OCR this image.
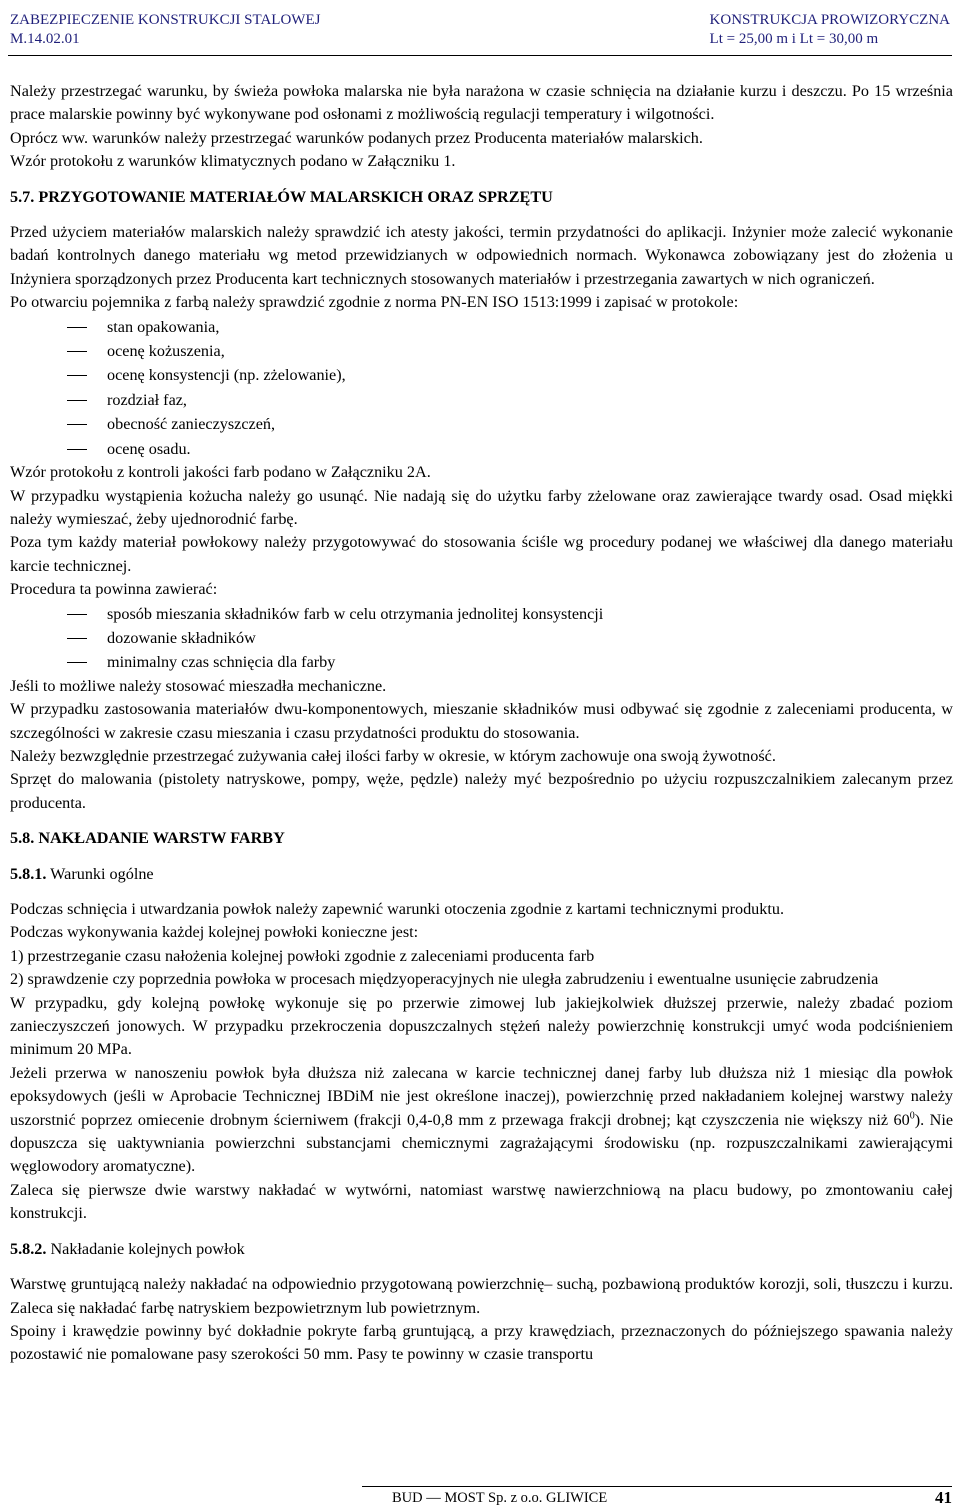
ZABEZPIECZENIE KONSTRUKCJI STALOWEJ
M.14.02.01
KONSTRUKCJA PROWIZORYCZNA
Lt = 25,00 m i Lt = 30,00 m

Należy przestrzegać warunku, by świeża powłoka malarska nie była narażona w czasie schnięcia na działanie kurzu i deszczu. Po 15 września prace malarskie powinny być wykonywane pod osłonami z możliwością regulacji temperatury i wilgotności.

Oprócz ww. warunków należy przestrzegać warunków podanych przez Producenta materiałów malarskich.

Wzór protokołu z warunków klimatycznych podano w Załączniku 1.

5.7. PRZYGOTOWANIE MATERIAŁÓW MALARSKICH ORAZ SPRZĘTU

Przed użyciem materiałów malarskich należy sprawdzić ich atesty jakości, termin przydatności do aplikacji. Inżynier może zalecić wykonanie badań kontrolnych danego materiału wg metod przewidzianych w odpowiednich normach. Wykonawca zobowiązany jest do złożenia u Inżyniera sporządzonych przez Producenta kart technicznych stosowanych materiałów i przestrzegania zawartych w nich ograniczeń.

Po otwarciu pojemnika z farbą należy sprawdzić zgodnie z norma PN-EN ISO 1513:1999 i zapisać w protokole:

stan opakowania,
ocenę kożuszenia,
ocenę konsystencji (np. zżelowanie),
rozdział faz,
obecność zanieczyszczeń,
ocenę osadu.

Wzór protokołu z kontroli jakości farb podano w Załączniku 2A.

W przypadku wystąpienia kożucha należy go usunąć. Nie nadają się do użytku farby zżelowane oraz zawierające twardy osad. Osad miękki należy wymieszać, żeby ujednorodnić farbę.

Poza tym każdy materiał powłokowy należy przygotowywać do stosowania ściśle wg procedury podanej we właściwej dla danego materiału karcie technicznej.

Procedura ta powinna zawierać:

sposób mieszania składników farb w celu otrzymania jednolitej konsystencji
dozowanie składników
minimalny czas schnięcia dla farby

Jeśli to możliwe należy stosować mieszadła mechaniczne.

W przypadku zastosowania materiałów dwu-komponentowych, mieszanie składników musi odbywać się zgodnie z zaleceniami producenta, w szczególności w zakresie czasu mieszania i czasu przydatności produktu do stosowania.

Należy bezwzględnie przestrzegać zużywania całej ilości farby w okresie, w którym zachowuje ona swoją żywotność.

Sprzęt do malowania (pistolety natryskowe, pompy, węże, pędzle) należy myć bezpośrednio po użyciu rozpuszczalnikiem zalecanym przez producenta.

5.8. NAKŁADANIE WARSTW FARBY
5.8.1. Warunki ogólne

Podczas schnięcia i utwardzania powłok należy zapewnić warunki otoczenia zgodnie z kartami technicznymi produktu.

Podczas wykonywania każdej kolejnej powłoki konieczne jest:

1) przestrzeganie czasu nałożenia kolejnej powłoki zgodnie z zaleceniami producenta farb

2) sprawdzenie czy poprzednia powłoka w procesach międzyoperacyjnych nie uległa zabrudzeniu i ewentualne usunięcie zabrudzenia

W przypadku, gdy kolejną powłokę wykonuje się po przerwie zimowej lub jakiejkolwiek dłuższej przerwie, należy zbadać poziom zanieczyszczeń jonowych. W przypadku przekroczenia dopuszczalnych stężeń należy powierzchnię konstrukcji umyć woda podciśnieniem minimum 20 MPa.

Jeżeli przerwa w nanoszeniu powłok była dłuższa niż zalecana w karcie technicznej danej farby lub dłuższa niż 1 miesiąc dla powłok epoksydowych (jeśli w Aprobacie Technicznej IBDiM nie jest określone inaczej), powierzchnię przed nakładaniem kolejnej warstwy należy uszorstnić poprzez omiecenie drobnym ścierniwem (frakcji 0,4-0,8 mm z przewaga frakcji drobnej; kąt czyszczenia nie większy niż $60^0$). Nie dopuszcza się uaktywniania powierzchni substancjami chemicznymi zagrażającymi środowisku (np. rozpuszczalnikami zawierającymi węglowodory aromatyczne).

Zaleca się pierwsze dwie warstwy nakładać w wytwórni, natomiast warstwę nawierzchniową na placu budowy, po zmontowaniu całej konstrukcji.

5.8.2. Nakładanie kolejnych powłok

Warstwę gruntującą należy nakładać na odpowiednio przygotowaną powierzchnię– suchą, pozbawioną produktów korozji, soli, tłuszczu i kurzu. Zaleca się nakładać farbę natryskiem bezpowietrznym lub powietrznym.

Spoiny i krawędzie powinny być dokładnie pokryte farbą gruntującą, a przy krawędziach, przeznaczonych do późniejszego spawania należy pozostawić nie pomalowane pasy szerokości 50 mm. Pasy te powinny w czasie transportu

BUD — MOST Sp. z o.o. GLIWICE	41
